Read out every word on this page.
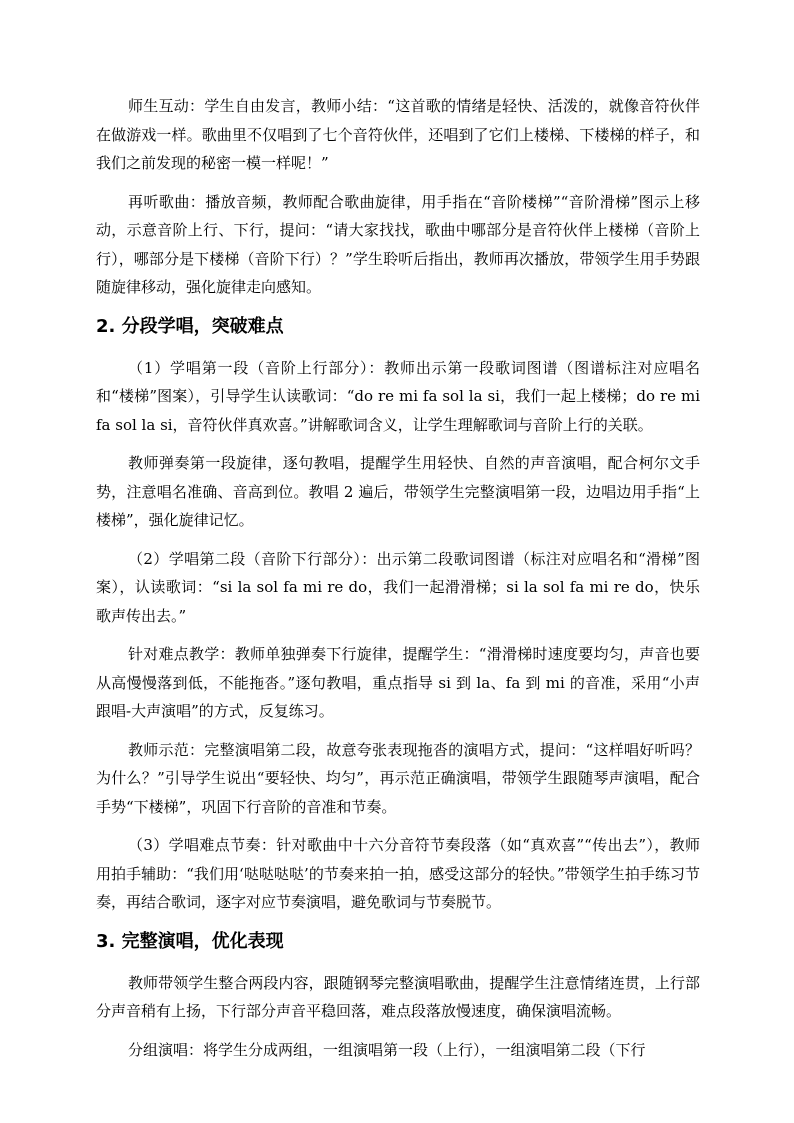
师生互动：学生自由发言，教师小结：“这首歌的情绪是轻快、活泼的，就像音符伙伴在做游戏一样。歌曲里不仅唱到了七个音符伙伴，还唱到了它们上楼梯、下楼梯的样子，和我们之前发现的秘密一模一样呢！”

再听歌曲：播放音频，教师配合歌曲旋律，用手指在“音阶楼梯”“音阶滑梯”图示上移动，示意音阶上行、下行，提问：“请大家找找，歌曲中哪部分是音符伙伴上楼梯（音阶上行），哪部分是下楼梯（音阶下行）？”学生聆听后指出，教师再次播放，带领学生用手势跟随旋律移动，强化旋律走向感知。

2. 分段学唱，突破难点

（1）学唱第一段（音阶上行部分）：教师出示第一段歌词图谱（图谱标注对应唱名和“楼梯”图案），引导学生认读歌词：“do re mi fa sol la si，我们一起上楼梯；do re mi fa sol la si，音符伙伴真欢喜。”讲解歌词含义，让学生理解歌词与音阶上行的关联。

教师弹奏第一段旋律，逐句教唱，提醒学生用轻快、自然的声音演唱，配合柯尔文手势，注意唱名准确、音高到位。教唱 2 遍后，带领学生完整演唱第一段，边唱边用手指“上楼梯”，强化旋律记忆。

（2）学唱第二段（音阶下行部分）：出示第二段歌词图谱（标注对应唱名和“滑梯”图案），认读歌词：“si la sol fa mi re do，我们一起滑滑梯；si la sol fa mi re do，快乐歌声传出去。”

针对难点教学：教师单独弹奏下行旋律，提醒学生：“滑滑梯时速度要均匀，声音也要从高慢慢落到低，不能拖沓。”逐句教唱，重点指导 si 到 la、fa 到 mi 的音准，采用“小声跟唱-大声演唱”的方式，反复练习。

教师示范：完整演唱第二段，故意夸张表现拖沓的演唱方式，提问：“这样唱好听吗？为什么？”引导学生说出“要轻快、均匀”，再示范正确演唱，带领学生跟随琴声演唱，配合手势“下楼梯”，巩固下行音阶的音准和节奏。

（3）学唱难点节奏：针对歌曲中十六分音符节奏段落（如“真欢喜”“传出去”），教师用拍手辅助：“我们用‘哒哒哒哒’的节奏来拍一拍，感受这部分的轻快。”带领学生拍手练习节奏，再结合歌词，逐字对应节奏演唱，避免歌词与节奏脱节。

3. 完整演唱，优化表现

教师带领学生整合两段内容，跟随钢琴完整演唱歌曲，提醒学生注意情绪连贯，上行部分声音稍有上扬，下行部分声音平稳回落，难点段落放慢速度，确保演唱流畅。

分组演唱：将学生分成两组，一组演唱第一段（上行），一组演唱第二段（下行
